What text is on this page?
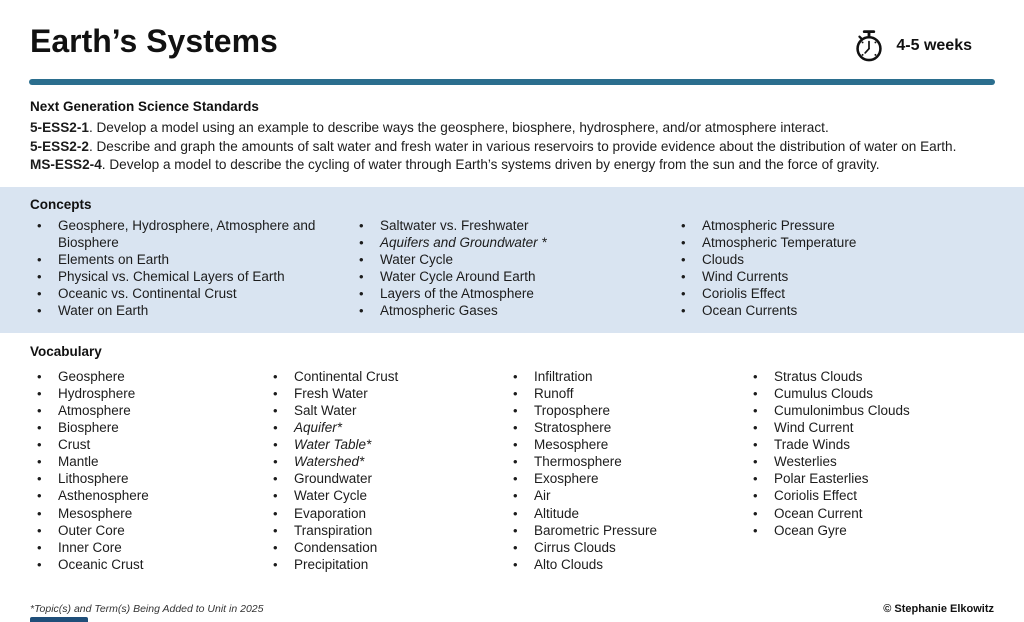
Earth’s Systems	4-5 weeks
Next Generation Science Standards

5-ESS2-1. Develop a model using an example to describe ways the geosphere, biosphere, hydrosphere, and/or atmosphere interact.

5-ESS2-2. Describe and graph the amounts of salt water and fresh water in various reservoirs to provide evidence about the distribution of water on Earth.

MS-ESS2-4. Develop a model to describe the cycling of water through Earth’s systems driven by energy from the sun and the force of gravity.

Concepts
• Geosphere, Hydrosphere, Atmosphere and Biosphere
• Elements on Earth
• Physical vs. Chemical Layers of Earth
• Oceanic vs. Continental Crust
• Water on Earth
• Saltwater vs. Freshwater
• Aquifers and Groundwater *
• Water Cycle
• Water Cycle Around Earth
• Layers of the Atmosphere
• Atmospheric Gases
• Atmospheric Pressure
• Atmospheric Temperature
• Clouds
• Wind Currents
• Coriolis Effect
• Ocean Currents
Vocabulary
• Geosphere
• Hydrosphere
• Atmosphere
• Biosphere
• Crust
• Mantle
• Lithosphere
• Asthenosphere
• Mesosphere
• Outer Core
• Inner Core
• Oceanic Crust
• Continental Crust
• Fresh Water
• Salt Water
• Aquifer*
• Water Table*
• Watershed*
• Groundwater
• Water Cycle
• Evaporation
• Transpiration
• Condensation
• Precipitation
• Infiltration
• Runoff
• Troposphere
• Stratosphere
• Mesosphere
• Thermosphere
• Exosphere
• Air
• Altitude
• Barometric Pressure
• Cirrus Clouds
• Alto Clouds
• Stratus Clouds
• Cumulus Clouds
• Cumulonimbus Clouds
• Wind Current
• Trade Winds
• Westerlies
• Polar Easterlies
• Coriolis Effect
• Ocean Current
• Ocean Gyre
*Topic(s) and Term(s) Being Added to Unit in 2025	© Stephanie Elkowitz
